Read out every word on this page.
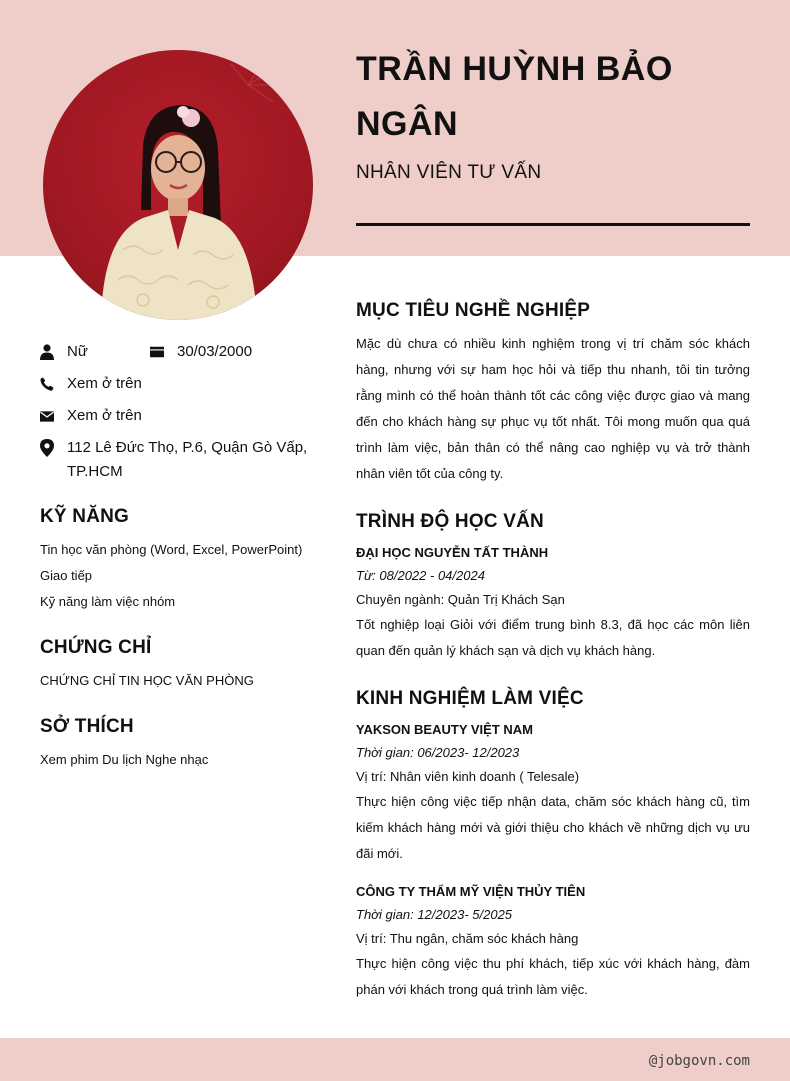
TRẦN HUỲNH BẢO NGÂN
NHÂN VIÊN TƯ VẤN
Nữ	30/03/2000
Xem ở trên
Xem ở trên
112 Lê Đức Thọ, P.6, Quận Gò Vấp, TP.HCM
KỸ NĂNG
Tin học văn phòng (Word, Excel, PowerPoint)
Giao tiếp
Kỹ năng làm việc nhóm
CHỨNG CHỈ
CHỨNG CHỈ TIN HỌC VĂN PHÒNG
SỞ THÍCH
Xem phim Du lịch Nghe nhạc
MỤC TIÊU NGHỀ NGHIỆP

Mặc dù chưa có nhiều kinh nghiệm trong vị trí chăm sóc khách hàng, nhưng với sự ham học hỏi và tiếp thu nhanh, tôi tin tưởng rằng mình có thể hoàn thành tốt các công việc được giao và mang đến cho khách hàng sự phục vụ tốt nhất. Tôi mong muốn qua quá trình làm việc, bản thân có thể nâng cao nghiệp vụ và trở thành nhân viên tốt của công ty.

TRÌNH ĐỘ HỌC VẤN
ĐẠI HỌC NGUYỄN TẤT THÀNH
Từ: 08/2022 - 04/2024
Chuyên ngành: Quản Trị Khách Sạn

Tốt nghiệp loại Giỏi với điểm trung bình 8.3, đã học các môn liên quan đến quản lý khách sạn và dịch vụ khách hàng.

KINH NGHIỆM LÀM VIỆC
YAKSON BEAUTY VIỆT NAM
Thời gian: 06/2023- 12/2023
Vị trí: Nhân viên kinh doanh ( Telesale)

Thực hiện công việc tiếp nhận data, chăm sóc khách hàng cũ, tìm kiếm khách hàng mới và giới thiệu cho khách về những dịch vụ ưu đãi mới.

CÔNG TY THẨM MỸ VIỆN THỦY TIÊN
Thời gian: 12/2023- 5/2025
Vị trí: Thu ngân, chăm sóc khách hàng

Thực hiện công việc thu phí khách, tiếp xúc với khách hàng, đàm phán với khách trong quá trình làm việc.

@jobgovn.com
